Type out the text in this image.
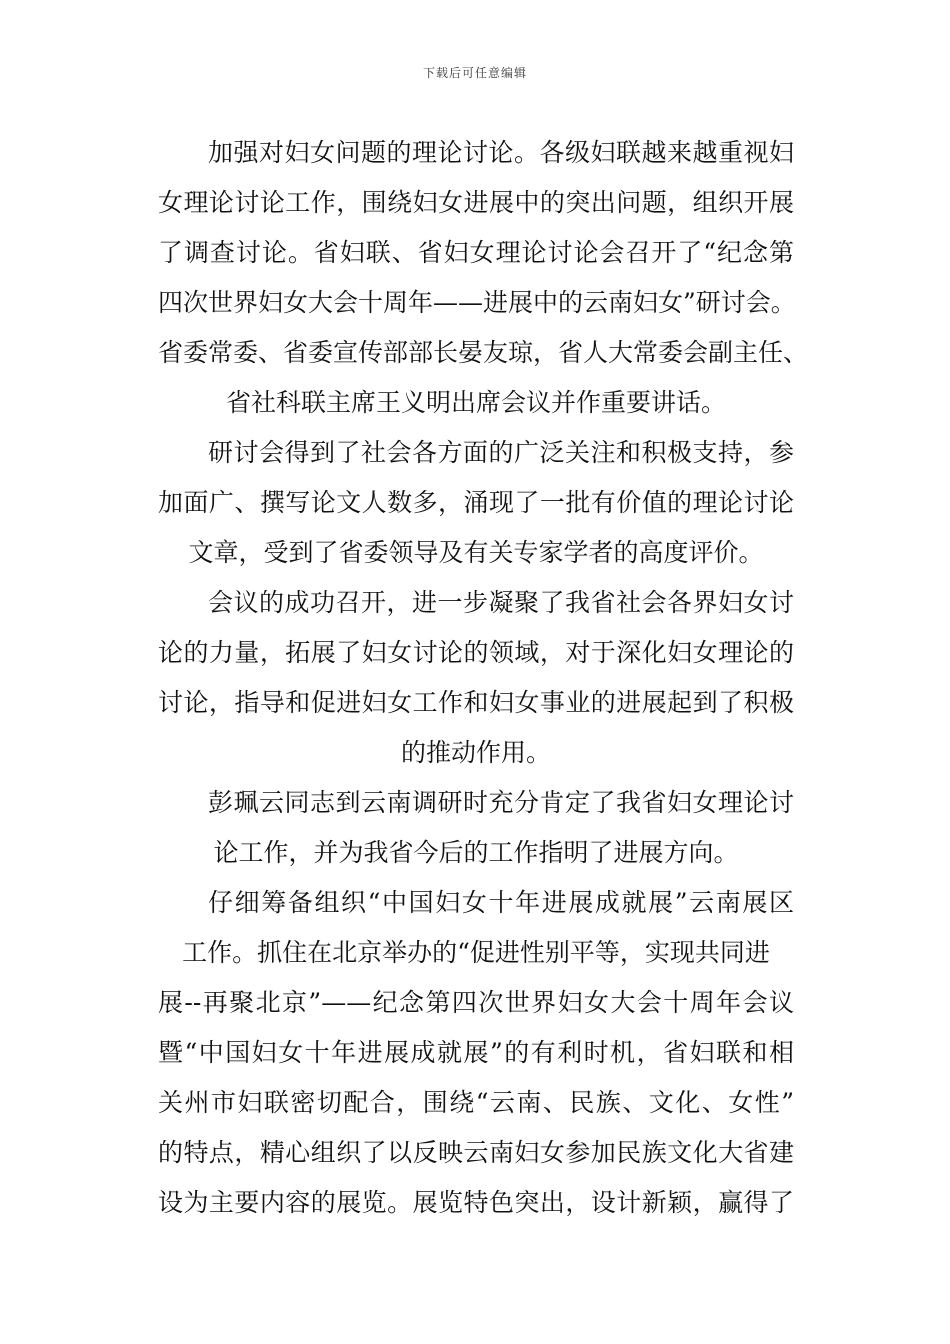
下载后可任意编辑
加强对妇女问题的理论讨论。各级妇联越来越重视妇
女理论讨论工作，围绕妇女进展中的突出问题，组织开展
了调查讨论。省妇联、省妇女理论讨论会召开了“纪念第
四次世界妇女大会十周年——进展中的云南妇女”研讨会。
省委常委、省委宣传部部长晏友琼，省人大常委会副主任、
省社科联主席王义明出席会议并作重要讲话。
研讨会得到了社会各方面的广泛关注和积极支持，参
加面广、撰写论文人数多，涌现了一批有价值的理论讨论
文章，受到了省委领导及有关专家学者的高度评价。
会议的成功召开，进一步凝聚了我省社会各界妇女讨
论的力量，拓展了妇女讨论的领域，对于深化妇女理论的
讨论，指导和促进妇女工作和妇女事业的进展起到了积极
的推动作用。
彭珮云同志到云南调研时充分肯定了我省妇女理论讨
论工作，并为我省今后的工作指明了进展方向。
仔细筹备组织“中国妇女十年进展成就展”云南展区
工作。抓住在北京举办的“促进性别平等，实现共同进
展--再聚北京”——纪念第四次世界妇女大会十周年会议
暨“中国妇女十年进展成就展”的有利时机，省妇联和相
关州市妇联密切配合，围绕“云南、民族、文化、女性”
的特点，精心组织了以反映云南妇女参加民族文化大省建
设为主要内容的展览。展览特色突出，设计新颖，赢得了
